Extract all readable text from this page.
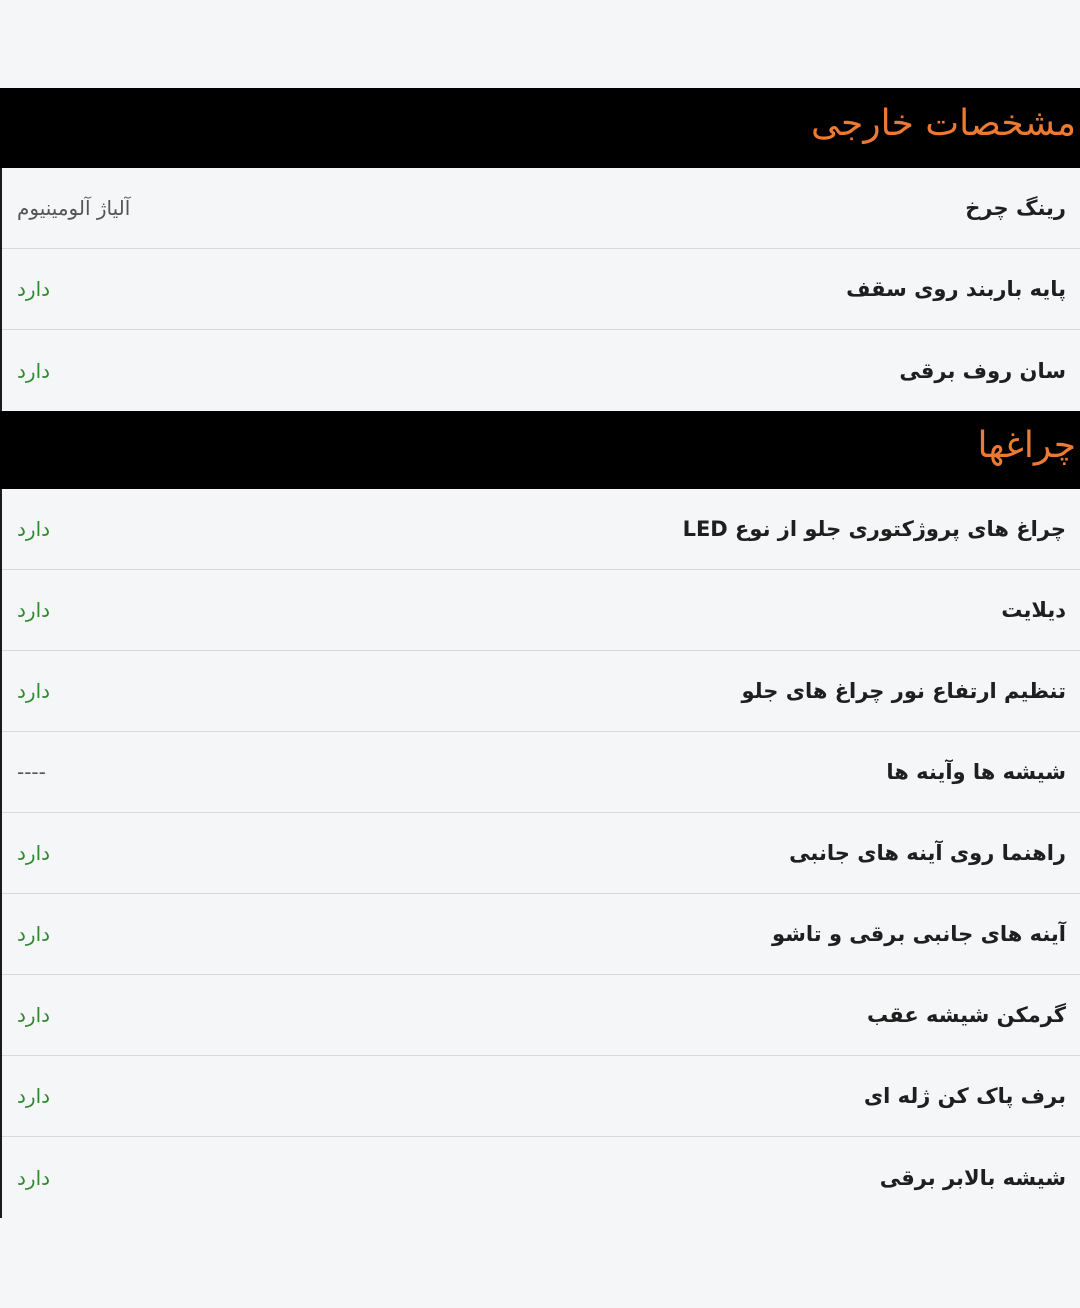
مشخصات خارجی
آلیاژ آلومینیوم	رینگ چرخ
دارد	پایه باربند روی سقف
دارد	سان روف برقی
چراغها
دارد	چراغ های پروژکتوری جلو از نوع LED
دارد	دیلایت
دارد	تنظیم ارتفاع نور چراغ های جلو
----	شیشه ها وآینه ها
دارد	راهنما روی آینه های جانبی
دارد	آینه های جانبی برقی و تاشو
دارد	گرمکن شیشه عقب
دارد	برف پاک کن ژله ای
دارد	شیشه بالابر برقی
